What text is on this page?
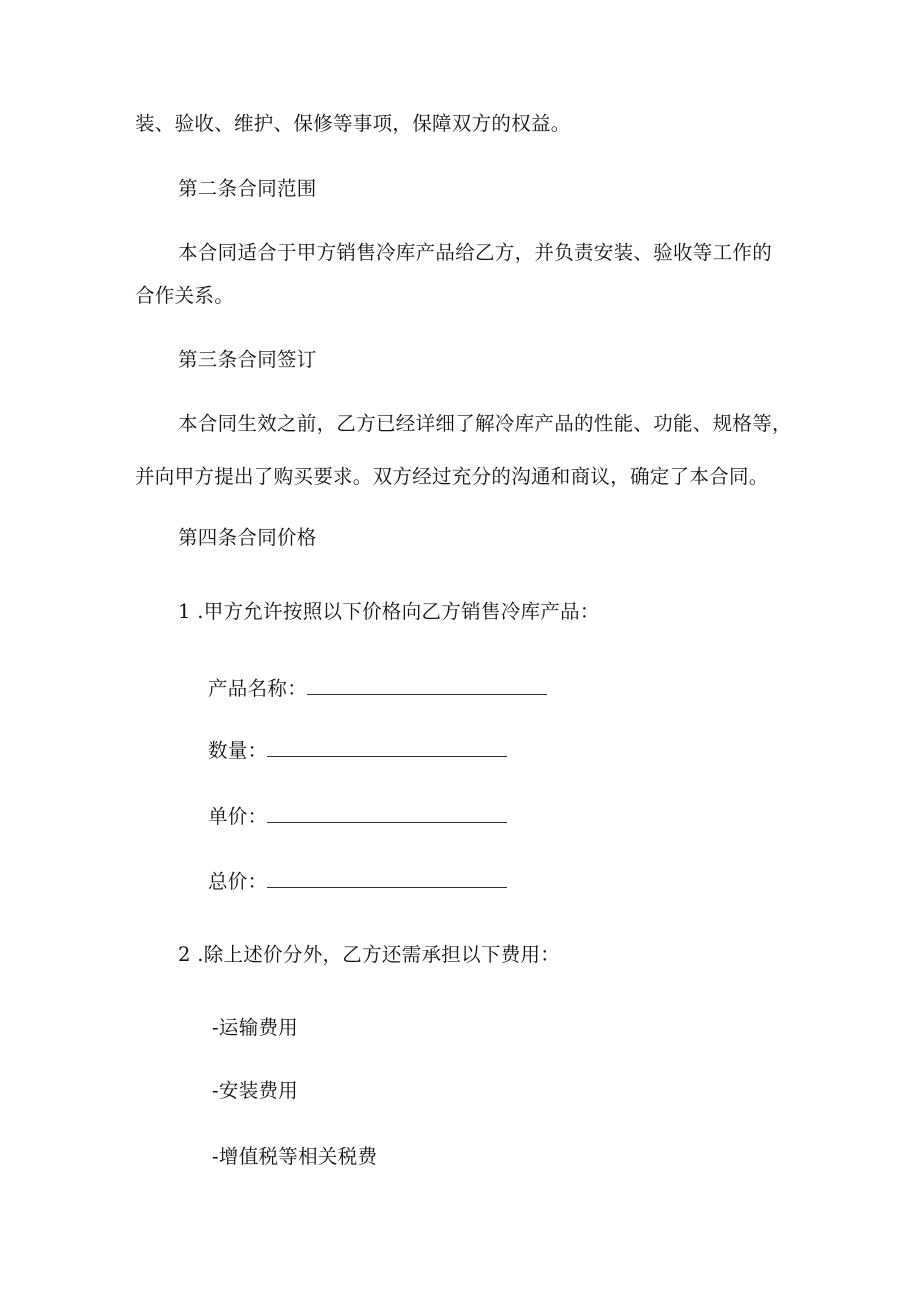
装、验收、维护、保修等事项，保障双方的权益。
第二条合同范围
本合同适合于甲方销售冷库产品给乙方，并负责安装、验收等工作的
合作关系。
第三条合同签订
本合同生效之前，乙方已经详细了解冷库产品的性能、功能、规格等，
并向甲方提出了购买要求。双方经过充分的沟通和商议，确定了本合同。
第四条合同价格
1 .甲方允许按照以下价格向乙方销售冷库产品：
产品名称：
数量：
单价：
总价：
2 .除上述价分外，乙方还需承担以下费用：
-运输费用
-安装费用
-增值税等相关税费
